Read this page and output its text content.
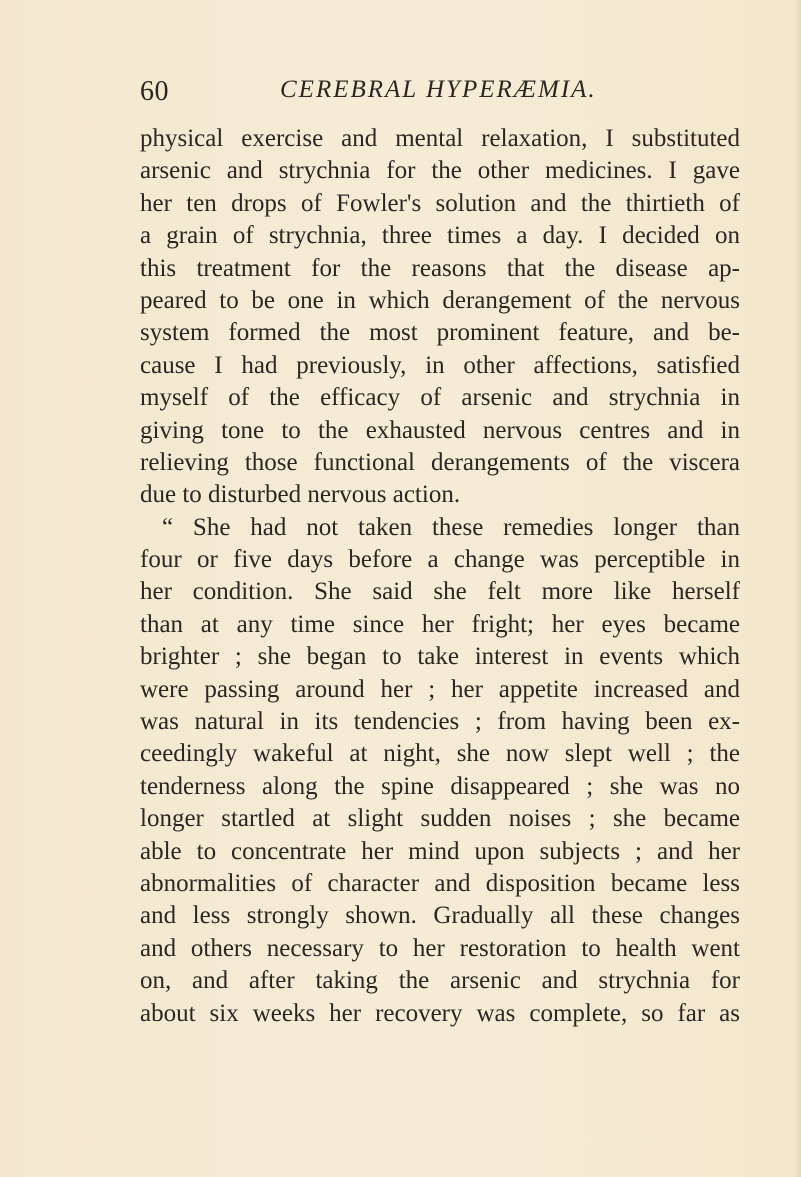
60	CEREBRAL HYPERÆMIA.
physical exercise and mental relaxation, I substituted
arsenic and strychnia for the other medicines. I gave
her ten drops of Fowler's solution and the thirtieth of
a grain of strychnia, three times a day. I decided on
this treatment for the reasons that the disease ap-
peared to be one in which derangement of the nervous
system formed the most prominent feature, and be-
cause I had previously, in other affections, satisfied
myself of the efficacy of arsenic and strychnia in
giving tone to the exhausted nervous centres and in
relieving those functional derangements of the viscera
due to disturbed nervous action.
“ She had not taken these remedies longer than
four or five days before a change was perceptible in
her condition. She said she felt more like herself
than at any time since her fright; her eyes became
brighter ; she began to take interest in events which
were passing around her ; her appetite increased and
was natural in its tendencies ; from having been ex-
ceedingly wakeful at night, she now slept well ; the
tenderness along the spine disappeared ; she was no
longer startled at slight sudden noises ; she became
able to concentrate her mind upon subjects ; and her
abnormalities of character and disposition became less
and less strongly shown. Gradually all these changes
and others necessary to her restoration to health went
on, and after taking the arsenic and strychnia for
about six weeks her recovery was complete, so far as
